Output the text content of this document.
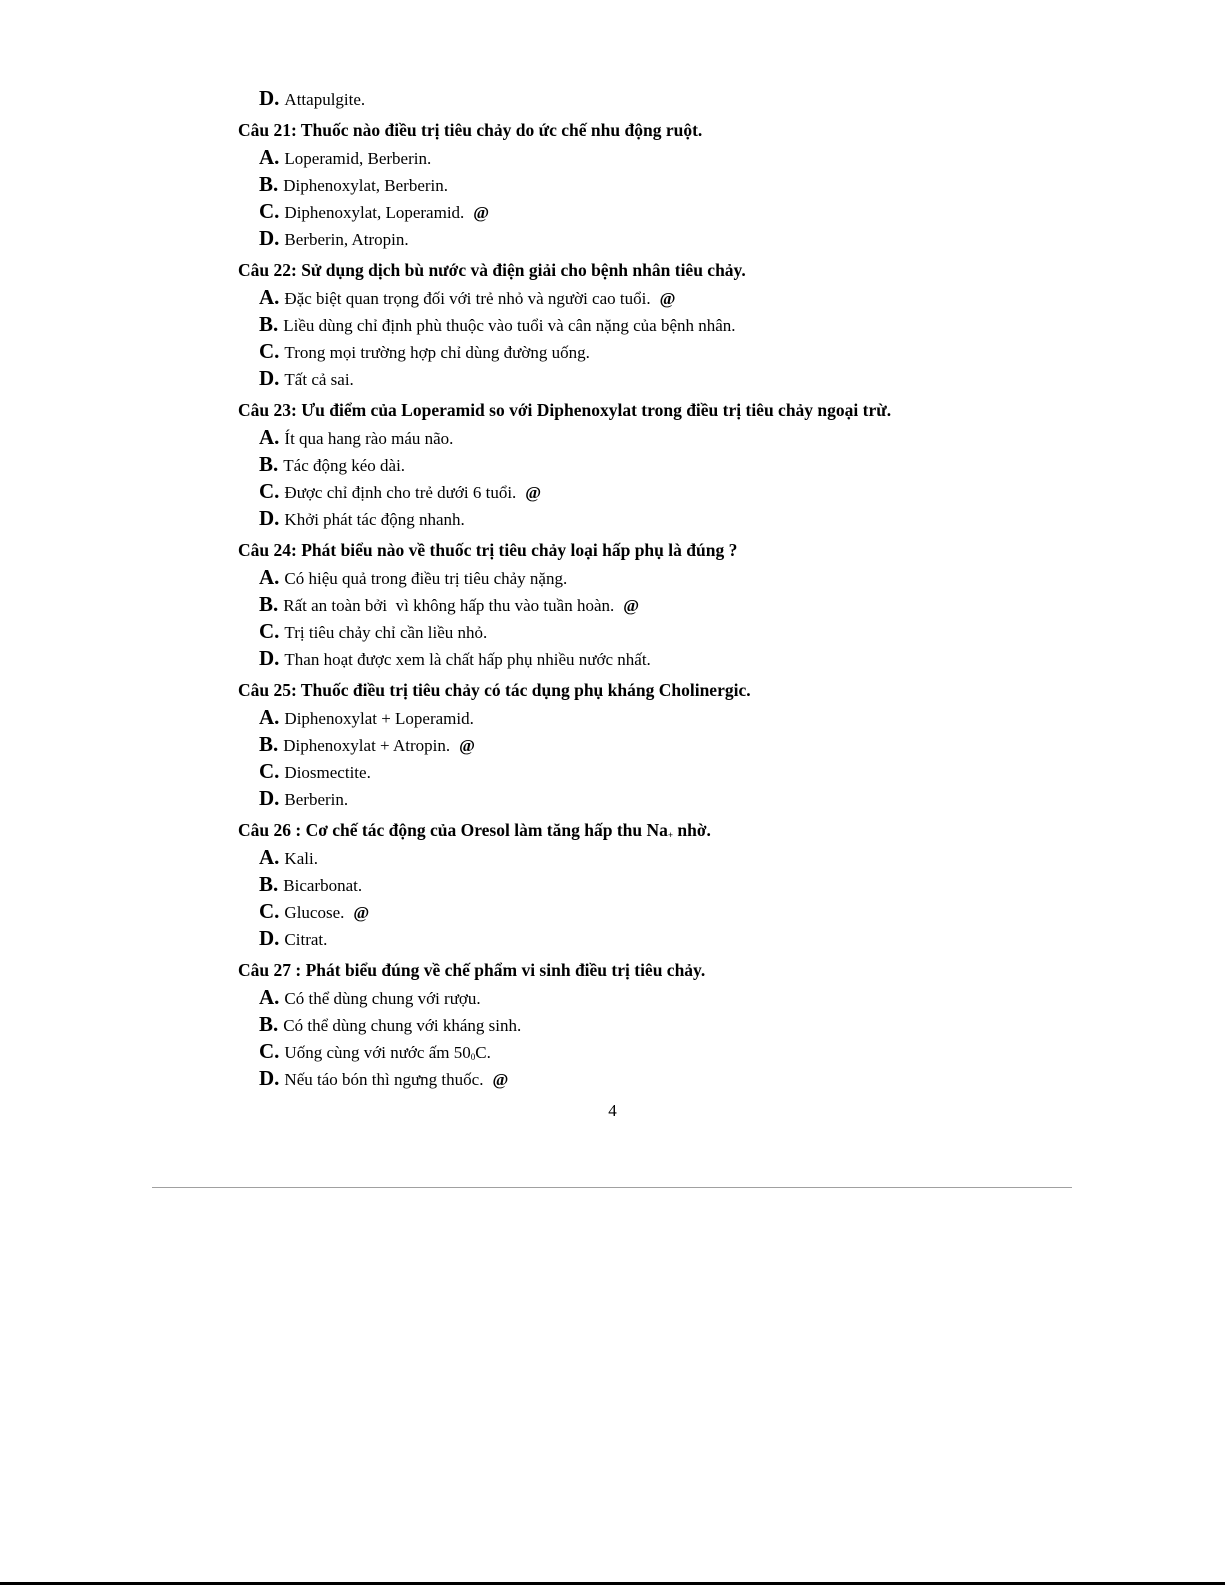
D. Attapulgite.
Câu 21: Thuốc nào điều trị tiêu chảy do ức chế nhu động ruột.
A. Loperamid, Berberin.
B. Diphenoxylat, Berberin.
C. Diphenoxylat, Loperamid. @
D. Berberin, Atropin.
Câu 22: Sử dụng dịch bù nước và điện giải cho bệnh nhân tiêu chảy.
A. Đặc biệt quan trọng đối với trẻ nhỏ và người cao tuổi. @
B. Liều dùng chỉ định phù thuộc vào tuổi và cân nặng của bệnh nhân.
C. Trong mọi trường hợp chỉ dùng đường uống.
D. Tất cả sai.
Câu 23: Ưu điểm của Loperamid so với Diphenoxylat trong điều trị tiêu chảy ngoại trừ.
A. Ít qua hang rào máu não.
B. Tác động kéo dài.
C. Được chỉ định cho trẻ dưới 6 tuổi. @
D. Khởi phát tác động nhanh.
Câu 24: Phát biểu nào về thuốc trị tiêu chảy loại hấp phụ là đúng ?
A. Có hiệu quả trong điều trị tiêu chảy nặng.
B. Rất an toàn bởi  vì không hấp thu vào tuần hoàn. @
C. Trị tiêu chảy chỉ cần liều nhỏ.
D. Than hoạt được xem là chất hấp phụ nhiều nước nhất.
Câu 25: Thuốc điều trị tiêu chảy có tác dụng phụ kháng Cholinergic.
A. Diphenoxylat + Loperamid.
B. Diphenoxylat + Atropin. @
C. Diosmectite.
D. Berberin.
Câu 26 : Cơ chế tác động của Oresol làm tăng hấp thu $Na_+$ nhờ.
A. Kali.
B. Bicarbonat.
C. Glucose. @
D. Citrat.
Câu 27 : Phát biểu đúng về chế phẩm vi sinh điều trị tiêu chảy.
A. Có thể dùng chung với rượu.
B. Có thể dùng chung với kháng sinh.
C. Uống cùng với nước ấm $50_0C$.
D. Nếu táo bón thì ngưng thuốc. @
4
